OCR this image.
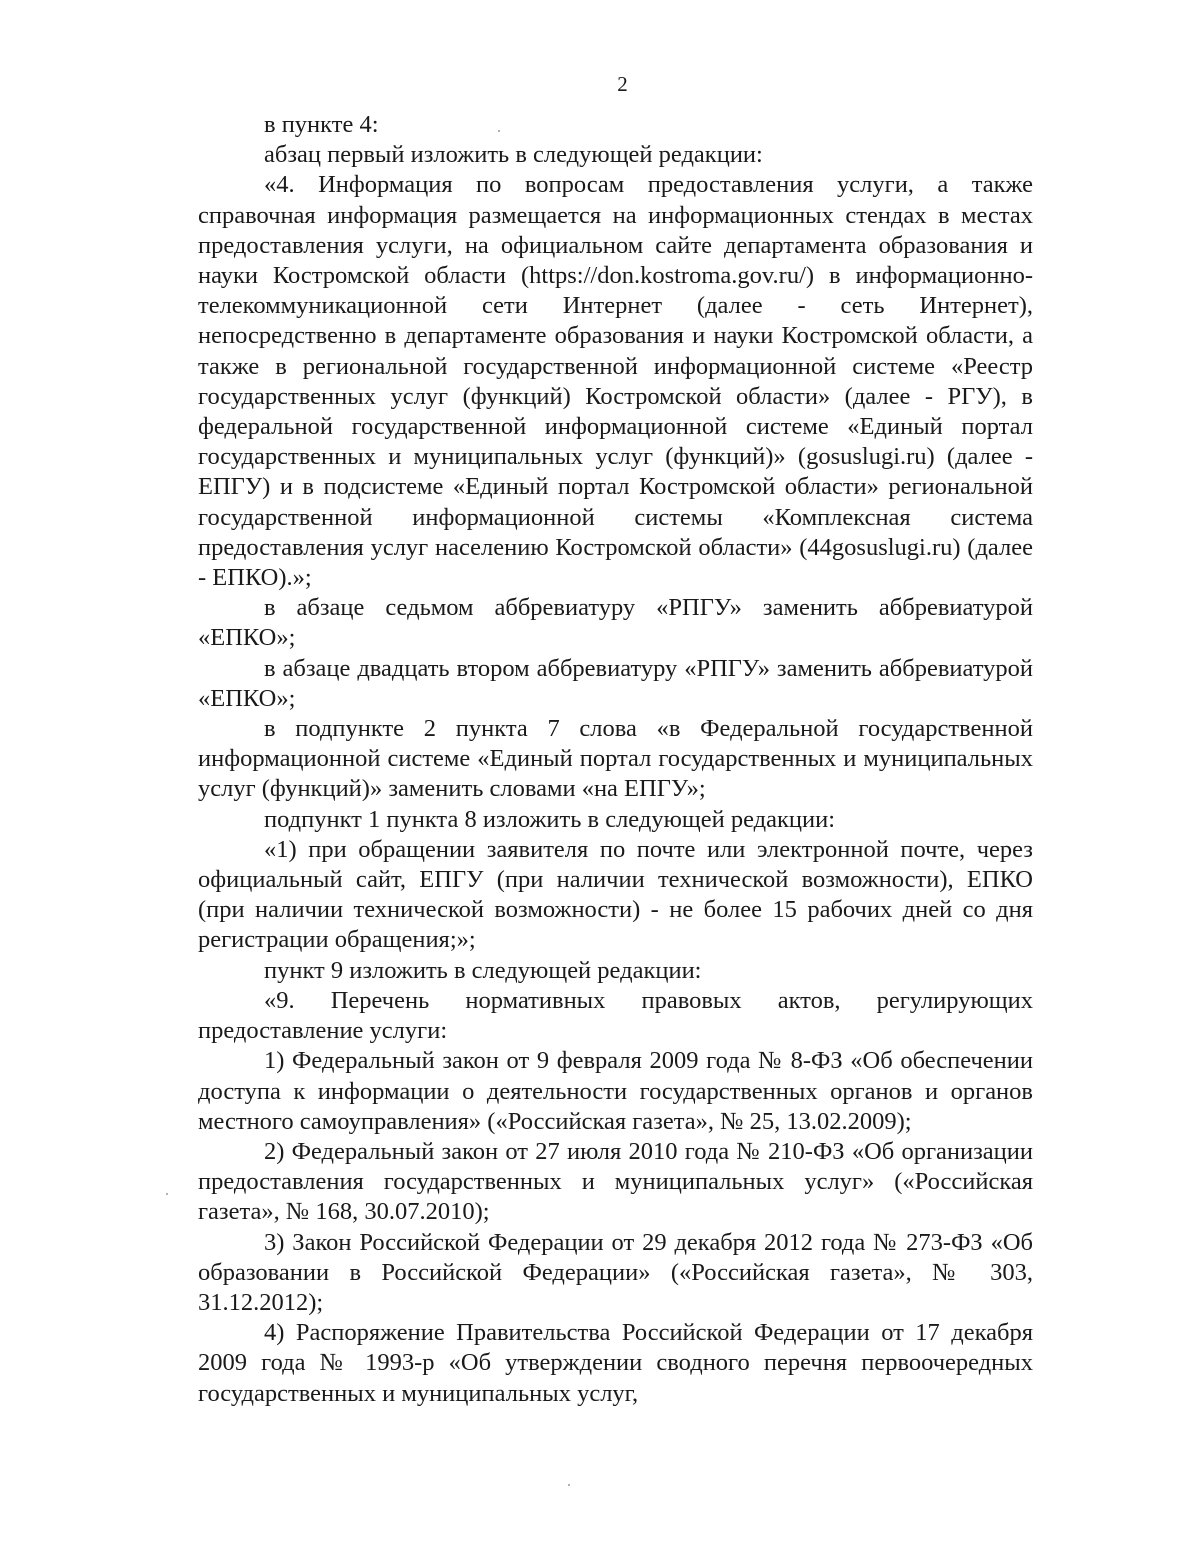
2

в пункте 4:

абзац первый изложить в следующей редакции:

«4. Информация по вопросам предоставления услуги, а также справочная информация размещается на информационных стендах в местах предоставления услуги, на официальном сайте департамента образования и науки Костромской области (https://don.kostroma.gov.ru/) в информационно-телекоммуникационной сети Интернет (далее - сеть Интернет), непосредственно в департаменте образования и науки Костромской области, а также в региональной государственной информационной системе «Реестр государственных услуг (функций) Костромской области» (далее - РГУ), в федеральной государственной информационной системе «Единый портал государственных и муниципальных услуг (функций)» (gosuslugi.ru) (далее - ЕПГУ) и в подсистеме «Единый портал Костромской области» региональной государственной информационной системы «Комплексная система предоставления услуг населению Костромской области» (44gosuslugi.ru) (далее - ЕПКО).»;

в абзаце седьмом аббревиатуру «РПГУ» заменить аббревиатурой «ЕПКО»;

в абзаце двадцать втором аббревиатуру «РПГУ» заменить аббревиатурой «ЕПКО»;

в подпункте 2 пункта 7 слова «в Федеральной государственной информационной системе «Единый портал государственных и муниципальных услуг (функций)» заменить словами «на ЕПГУ»;

подпункт 1 пункта 8 изложить в следующей редакции:

«1) при обращении заявителя по почте или электронной почте, через официальный сайт, ЕПГУ (при наличии технической возможности), ЕПКО (при наличии технической возможности) - не более 15 рабочих дней со дня регистрации обращения;»;

пункт 9 изложить в следующей редакции:

«9. Перечень нормативных правовых актов, регулирующих предоставление услуги:

1) Федеральный закон от 9 февраля 2009 года № 8-ФЗ «Об обеспечении доступа к информации о деятельности государственных органов и органов местного самоуправления» («Российская газета», № 25, 13.02.2009);

2) Федеральный закон от 27 июля 2010 года № 210-ФЗ «Об организации предоставления государственных и муниципальных услуг» («Российская газета», № 168, 30.07.2010);

3) Закон Российской Федерации от 29 декабря 2012 года № 273-ФЗ «Об образовании в Российской Федерации» («Российская газета», № 303, 31.12.2012);

4) Распоряжение Правительства Российской Федерации от 17 декабря 2009 года № 1993-р «Об утверждении сводного перечня первоочередных государственных и муниципальных услуг,
